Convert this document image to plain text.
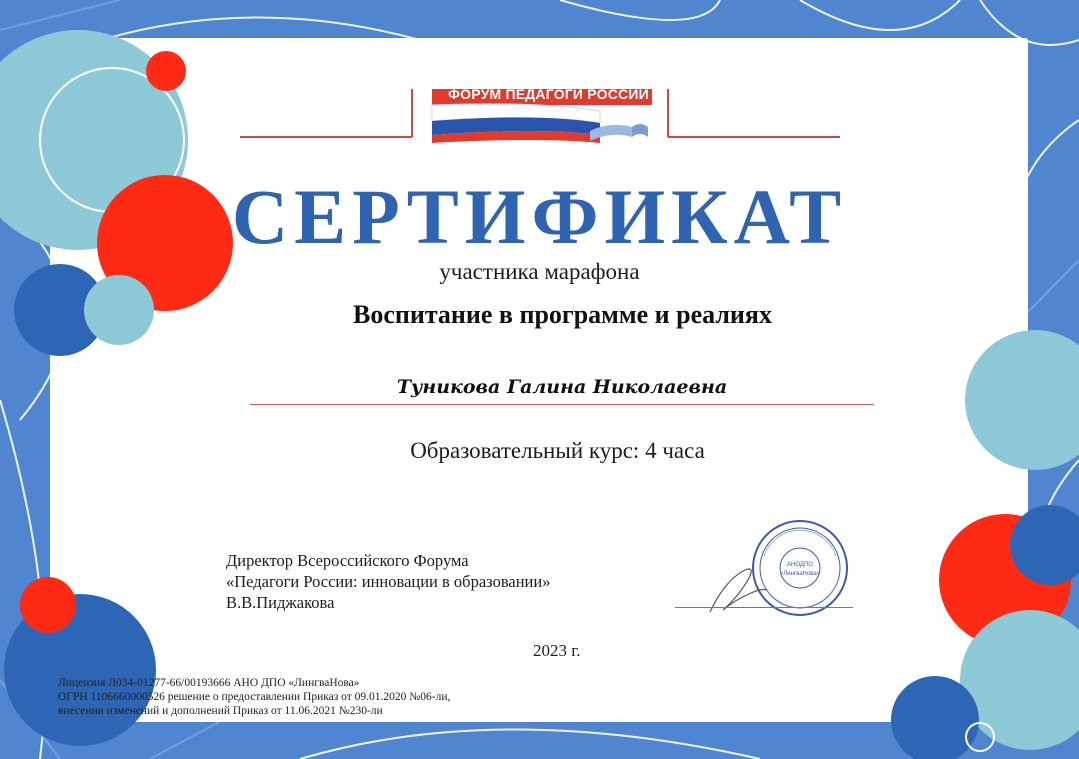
ФОРУМ ПЕДАГОГИ РОССИИ
СЕРТИФИКАТ
участника марафона
Воспитание в программе и реалиях
Туникова Галина Николаевна
Образовательный курс: 4 часа
Директор Всероссийского Форума
«Педагоги России: инновации в образовании»
В.В.Пиджакова
АНОДПО
«ЛингваНова»
2023 г.
Лицензия Л034-01277-66/00193666 АНО ДПО «ЛингваНова»
ОГРН 1106660000526 решение о предоставлении Приказ от 09.01.2020 №06-ли,
внесении изменений и дополнений Приказ от 11.06.2021 №230-ли
